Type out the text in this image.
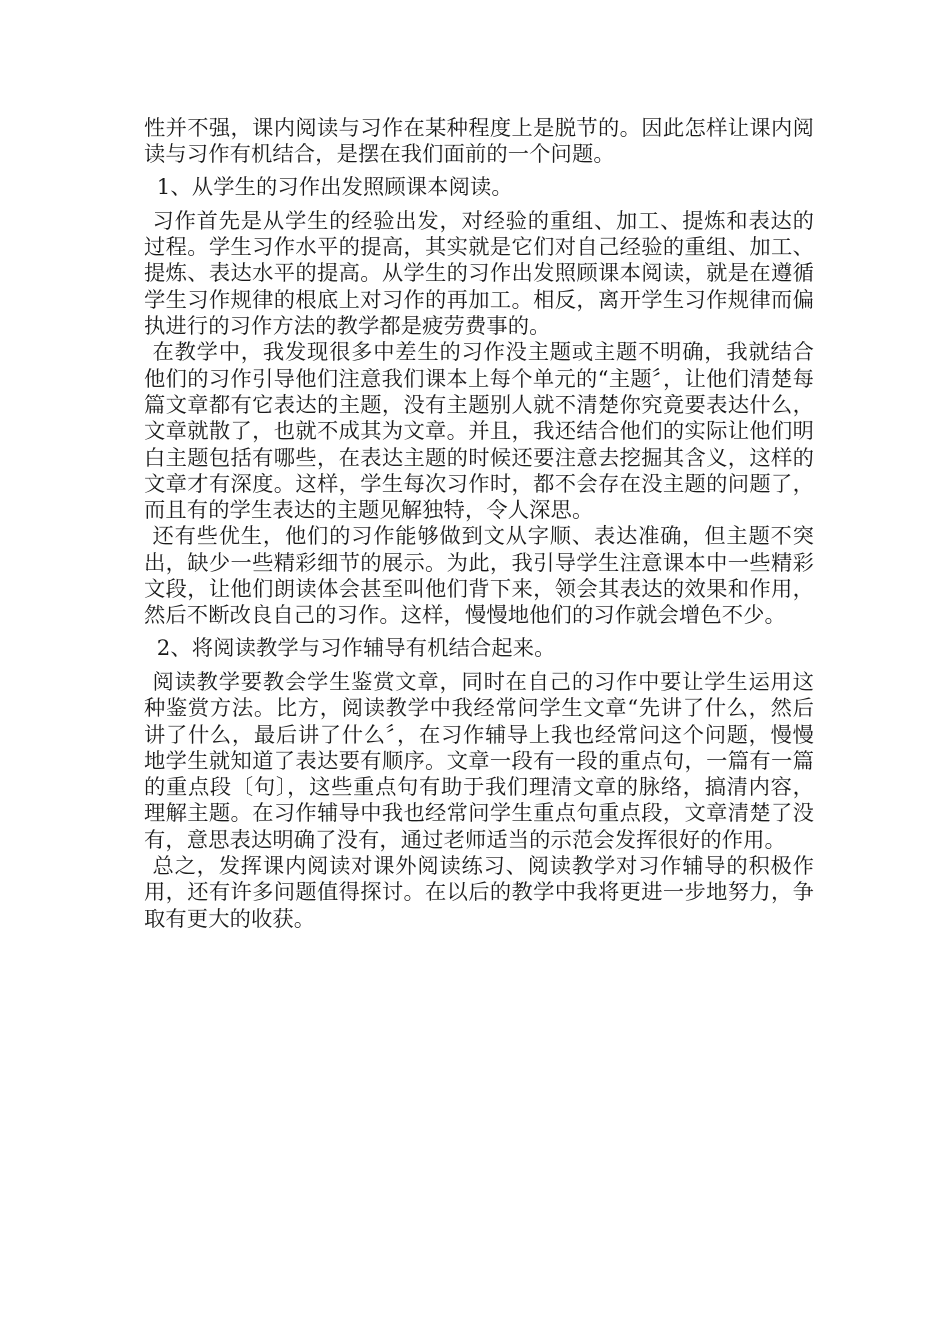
性并不强，课内阅读与习作在某种程度上是脱节的。因此怎样让课内阅读与习作有机结合，是摆在我们面前的一个问题。

1、从学生的习作出发照顾课本阅读。

习作首先是从学生的经验出发，对经验的重组、加工、提炼和表达的过程。学生习作水平的提高，其实就是它们对自己经验的重组、加工、提炼、表达水平的提高。从学生的习作出发照顾课本阅读，就是在遵循学生习作规律的根底上对习作的再加工。相反，离开学生习作规律而偏执进行的习作方法的教学都是疲劳费事的。

在教学中，我发现很多中差生的习作没主题或主题不明确，我就结合他们的习作引导他们注意我们课本上每个单元的“主题〞，让他们清楚每篇文章都有它表达的主题，没有主题别人就不清楚你究竟要表达什么，文章就散了，也就不成其为文章。并且，我还结合他们的实际让他们明白主题包括有哪些，在表达主题的时候还要注意去挖掘其含义，这样的文章才有深度。这样，学生每次习作时，都不会存在没主题的问题了，而且有的学生表达的主题见解独特，令人深思。

还有些优生，他们的习作能够做到文从字顺、表达准确，但主题不突出，缺少一些精彩细节的展示。为此，我引导学生注意课本中一些精彩文段，让他们朗读体会甚至叫他们背下来，领会其表达的效果和作用，然后不断改良自己的习作。这样，慢慢地他们的习作就会增色不少。

2、将阅读教学与习作辅导有机结合起来。

阅读教学要教会学生鉴赏文章，同时在自己的习作中要让学生运用这种鉴赏方法。比方，阅读教学中我经常问学生文章“先讲了什么，然后讲了什么，最后讲了什么〞，在习作辅导上我也经常问这个问题，慢慢地学生就知道了表达要有顺序。文章一段有一段的重点句，一篇有一篇的重点段〔句〕，这些重点句有助于我们理清文章的脉络，搞清内容，理解主题。在习作辅导中我也经常问学生重点句重点段，文章清楚了没有，意思表达明确了没有，通过老师适当的示范会发挥很好的作用。

总之，发挥课内阅读对课外阅读练习、阅读教学对习作辅导的积极作用，还有许多问题值得探讨。在以后的教学中我将更进一步地努力，争取有更大的收获。
